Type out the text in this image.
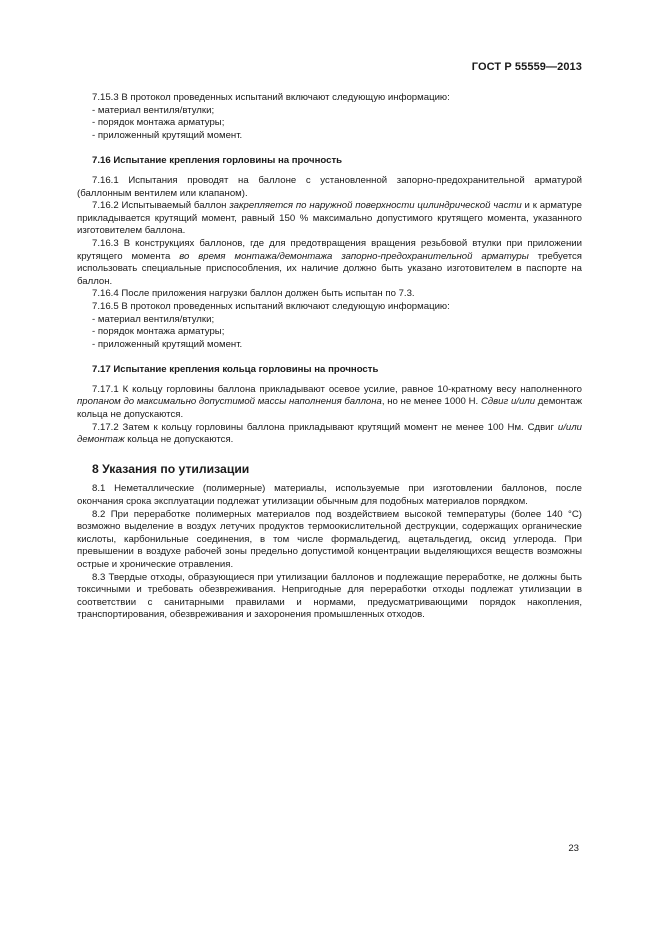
ГОСТ Р 55559—2013

7.15.3 В протокол проведенных испытаний включают следующую информацию:

- материал вентиля/втулки;

- порядок монтажа арматуры;

- приложенный крутящий момент.

7.16 Испытание крепления горловины на прочность

7.16.1 Испытания проводят на баллоне с установленной запорно-предохранительной арматурой (баллонным вентилем или клапаном).

7.16.2 Испытываемый баллон закрепляется по наружной поверхности цилиндрической части и к арматуре прикладывается крутящий момент, равный 150 % максимально допустимого крутящего момента, указанного изготовителем баллона.

7.16.3 В конструкциях баллонов, где для предотвращения вращения резьбовой втулки при приложении крутящего момента во время монтажа/демонтажа запорно-предохранительной арматуры требуется использовать специальные приспособления, их наличие должно быть указано изготовителем в паспорте на баллон.

7.16.4 После приложения нагрузки баллон должен быть испытан по 7.3.

7.16.5 В протокол проведенных испытаний включают следующую информацию:

- материал вентиля/втулки;

- порядок монтажа арматуры;

- приложенный крутящий момент.

7.17 Испытание крепления кольца горловины на прочность

7.17.1 К кольцу горловины баллона прикладывают осевое усилие, равное 10-кратному весу наполненного пропаном до максимально допустимой массы наполнения баллона, но не менее 1000 Н. Сдвиг и/или демонтаж кольца не допускаются.

7.17.2 Затем к кольцу горловины баллона прикладывают крутящий момент не менее 100 Нм. Сдвиг и/или демонтаж кольца не допускаются.

8 Указания по утилизации

8.1 Неметаллические (полимерные) материалы, используемые при изготовлении баллонов, после окончания срока эксплуатации подлежат утилизации обычным для подобных материалов порядком.

8.2 При переработке полимерных материалов под воздействием высокой температуры (более 140 °С) возможно выделение в воздух летучих продуктов термоокислительной деструкции, содержащих органические кислоты, карбонильные соединения, в том числе формальдегид, ацетальдегид, оксид углерода. При превышении в воздухе рабочей зоны предельно допустимой концентрации выделяющихся веществ возможны острые и хронические отравления.

8.3 Твердые отходы, образующиеся при утилизации баллонов и подлежащие переработке, не должны быть токсичными и требовать обезвреживания. Непригодные для переработки отходы подлежат утилизации в соответствии с санитарными правилами и нормами, предусматривающими порядок накопления, транспортирования, обезвреживания и захоронения промышленных отходов.

23
